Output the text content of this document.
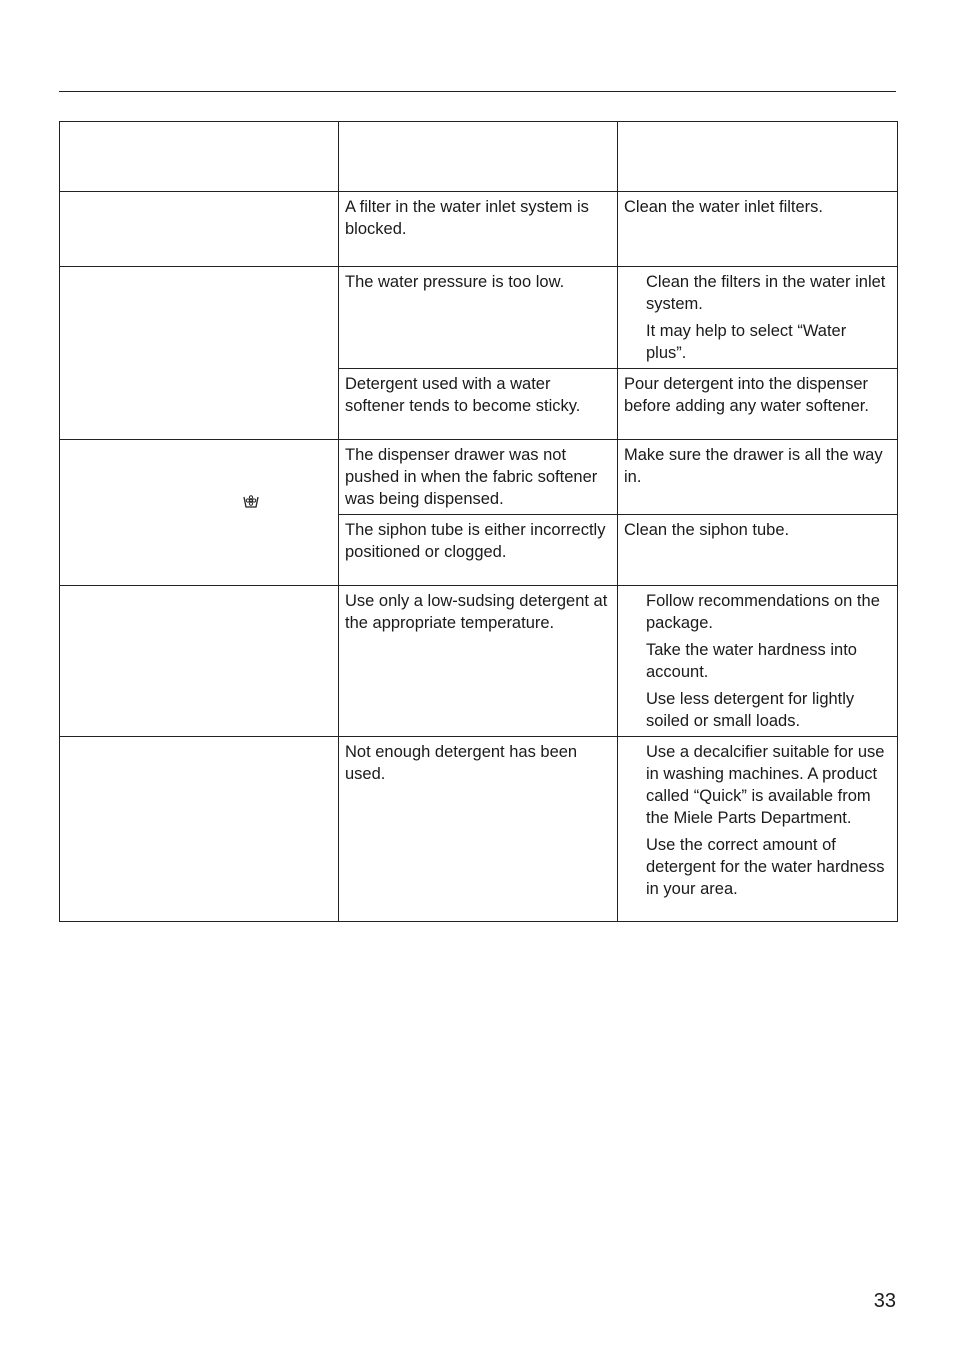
	A filter in the water inlet system is blocked.	Clean the water inlet filters.
	The water pressure is too low.	Clean the filters in the water inlet system.
It may help to select “Water plus”.

	Detergent used with a water softener tends to become sticky.	Pour detergent into the dispenser before adding any water softener.

	The dispenser drawer was not pushed in when the fabric softener was being dispensed.	Make sure the drawer is all the way in.
	The siphon tube is either incorrectly positioned or clogged.	Clean the siphon tube.
	Use only a low-sudsing detergent at the appropriate temperature.	Follow recommendations on the package.
Take the water hardness into account.
Use less detergent for lightly soiled or small loads.

	Not enough detergent has been used.	Use a decalcifier suitable for use in washing machines. A product called “Quick” is available from the Miele Parts Department.
Use the correct amount of detergent for the water hardness in your area.
33
